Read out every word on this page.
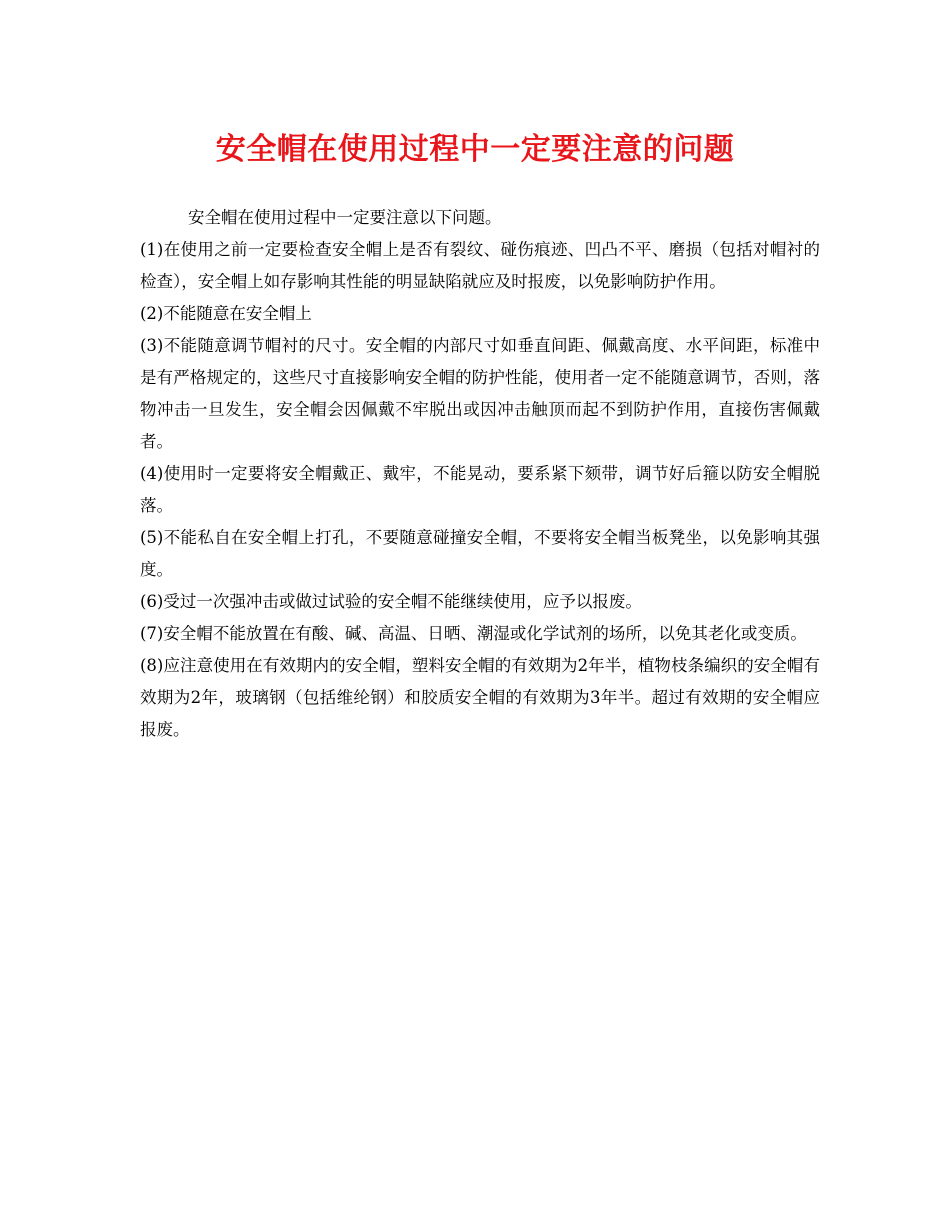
安全帽在使用过程中一定要注意的问题

安全帽在使用过程中一定要注意以下问题。

(1)在使用之前一定要检查安全帽上是否有裂纹、碰伤痕迹、凹凸不平、磨损（包括对帽衬的检查），安全帽上如存影响其性能的明显缺陷就应及时报废，以免影响防护作用。

(2)不能随意在安全帽上

(3)不能随意调节帽衬的尺寸。安全帽的内部尺寸如垂直间距、佩戴高度、水平间距，标准中是有严格规定的，这些尺寸直接影响安全帽的防护性能，使用者一定不能随意调节，否则，落物冲击一旦发生，安全帽会因佩戴不牢脱出或因冲击触顶而起不到防护作用，直接伤害佩戴者。

(4)使用时一定要将安全帽戴正、戴牢，不能晃动，要系紧下颏带，调节好后箍以防安全帽脱落。

(5)不能私自在安全帽上打孔，不要随意碰撞安全帽，不要将安全帽当板凳坐，以免影响其强度。

(6)受过一次强冲击或做过试验的安全帽不能继续使用，应予以报废。

(7)安全帽不能放置在有酸、碱、高温、日晒、潮湿或化学试剂的场所，以免其老化或变质。

(8)应注意使用在有效期内的安全帽，塑料安全帽的有效期为2年半，植物枝条编织的安全帽有效期为2年，玻璃钢（包括维纶钢）和胶质安全帽的有效期为3年半。超过有效期的安全帽应报废。
